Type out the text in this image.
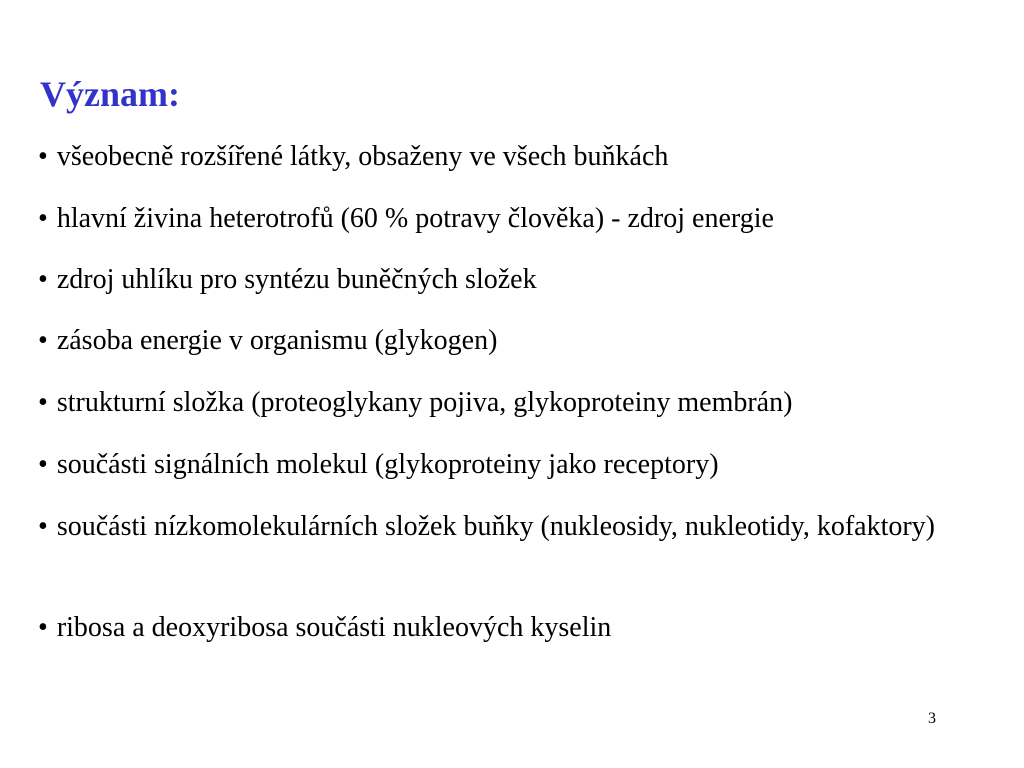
Význam:

• všeobecně rozšířené látky, obsaženy ve všech buňkách

• hlavní živina heterotrofů (60 % potravy člověka) - zdroj energie

• zdroj uhlíku pro syntézu buněčných složek

• zásoba energie v organismu (glykogen)

• strukturní složka (proteoglykany pojiva, glykoproteiny membrán)

• součásti signálních molekul (glykoproteiny jako receptory)

• součásti nízkomolekulárních složek buňky (nukleosidy, nukleotidy, kofaktory)

• ribosa a deoxyribosa součásti nukleových kyselin

3
